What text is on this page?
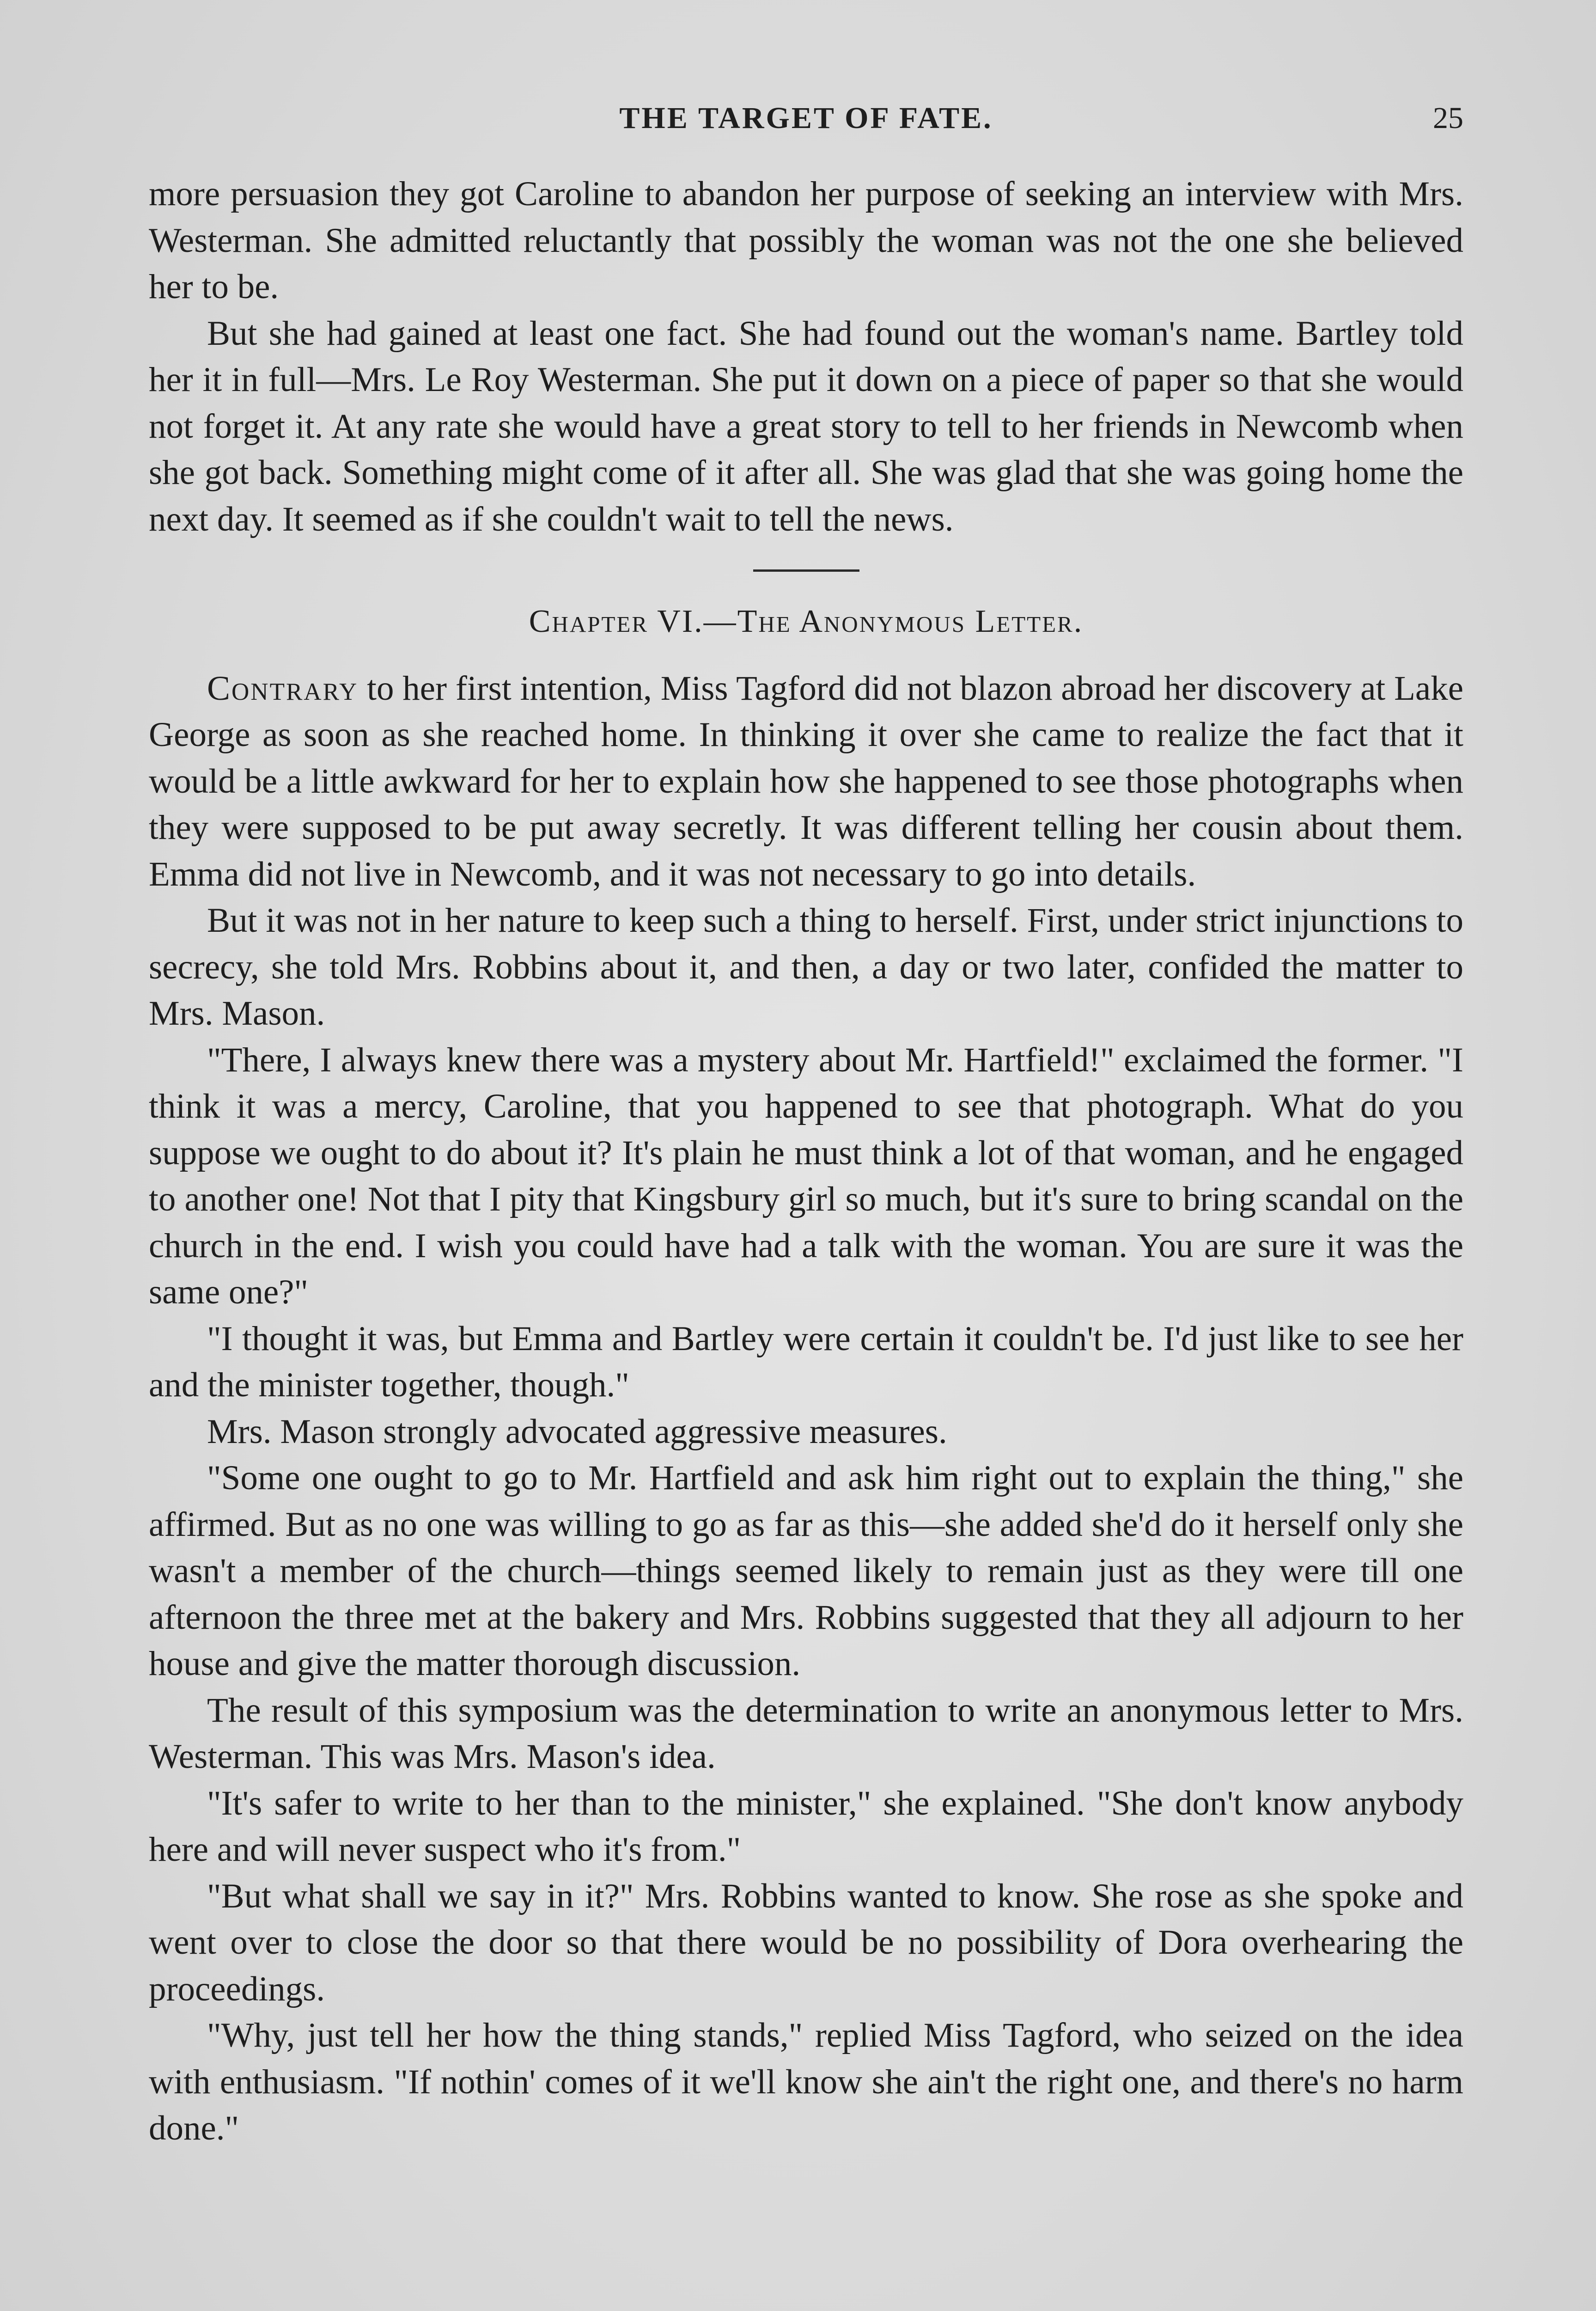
THE TARGET OF FATE.	25

more persuasion they got Caroline to abandon her purpose of seeking an interview with Mrs. Westerman. She admitted reluctantly that possibly the woman was not the one she believed her to be.

But she had gained at least one fact. She had found out the woman's name. Bartley told her it in full—Mrs. Le Roy Westerman. She put it down on a piece of paper so that she would not forget it. At any rate she would have a great story to tell to her friends in Newcomb when she got back. Something might come of it after all. She was glad that she was going home the next day. It seemed as if she couldn't wait to tell the news.

Chapter VI.—The Anonymous Letter.

Contrary to her first intention, Miss Tagford did not blazon abroad her discovery at Lake George as soon as she reached home. In thinking it over she came to realize the fact that it would be a little awkward for her to explain how she happened to see those photographs when they were supposed to be put away secretly. It was different telling her cousin about them. Emma did not live in Newcomb, and it was not necessary to go into details.

But it was not in her nature to keep such a thing to herself. First, under strict injunctions to secrecy, she told Mrs. Robbins about it, and then, a day or two later, confided the matter to Mrs. Mason.

"There, I always knew there was a mystery about Mr. Hartfield!" exclaimed the former. "I think it was a mercy, Caroline, that you happened to see that photograph. What do you suppose we ought to do about it? It's plain he must think a lot of that woman, and he engaged to another one! Not that I pity that Kingsbury girl so much, but it's sure to bring scandal on the church in the end. I wish you could have had a talk with the woman. You are sure it was the same one?"

"I thought it was, but Emma and Bartley were certain it couldn't be. I'd just like to see her and the minister together, though."

Mrs. Mason strongly advocated aggressive measures.

"Some one ought to go to Mr. Hartfield and ask him right out to explain the thing," she affirmed. But as no one was willing to go as far as this—she added she'd do it herself only she wasn't a member of the church—things seemed likely to remain just as they were till one afternoon the three met at the bakery and Mrs. Robbins suggested that they all adjourn to her house and give the matter thorough discussion.

The result of this symposium was the determination to write an anonymous letter to Mrs. Westerman. This was Mrs. Mason's idea.

"It's safer to write to her than to the minister," she explained. "She don't know anybody here and will never suspect who it's from."

"But what shall we say in it?" Mrs. Robbins wanted to know. She rose as she spoke and went over to close the door so that there would be no possibility of Dora overhearing the proceedings.

"Why, just tell her how the thing stands," replied Miss Tagford, who seized on the idea with enthusiasm. "If nothin' comes of it we'll know she ain't the right one, and there's no harm done."
